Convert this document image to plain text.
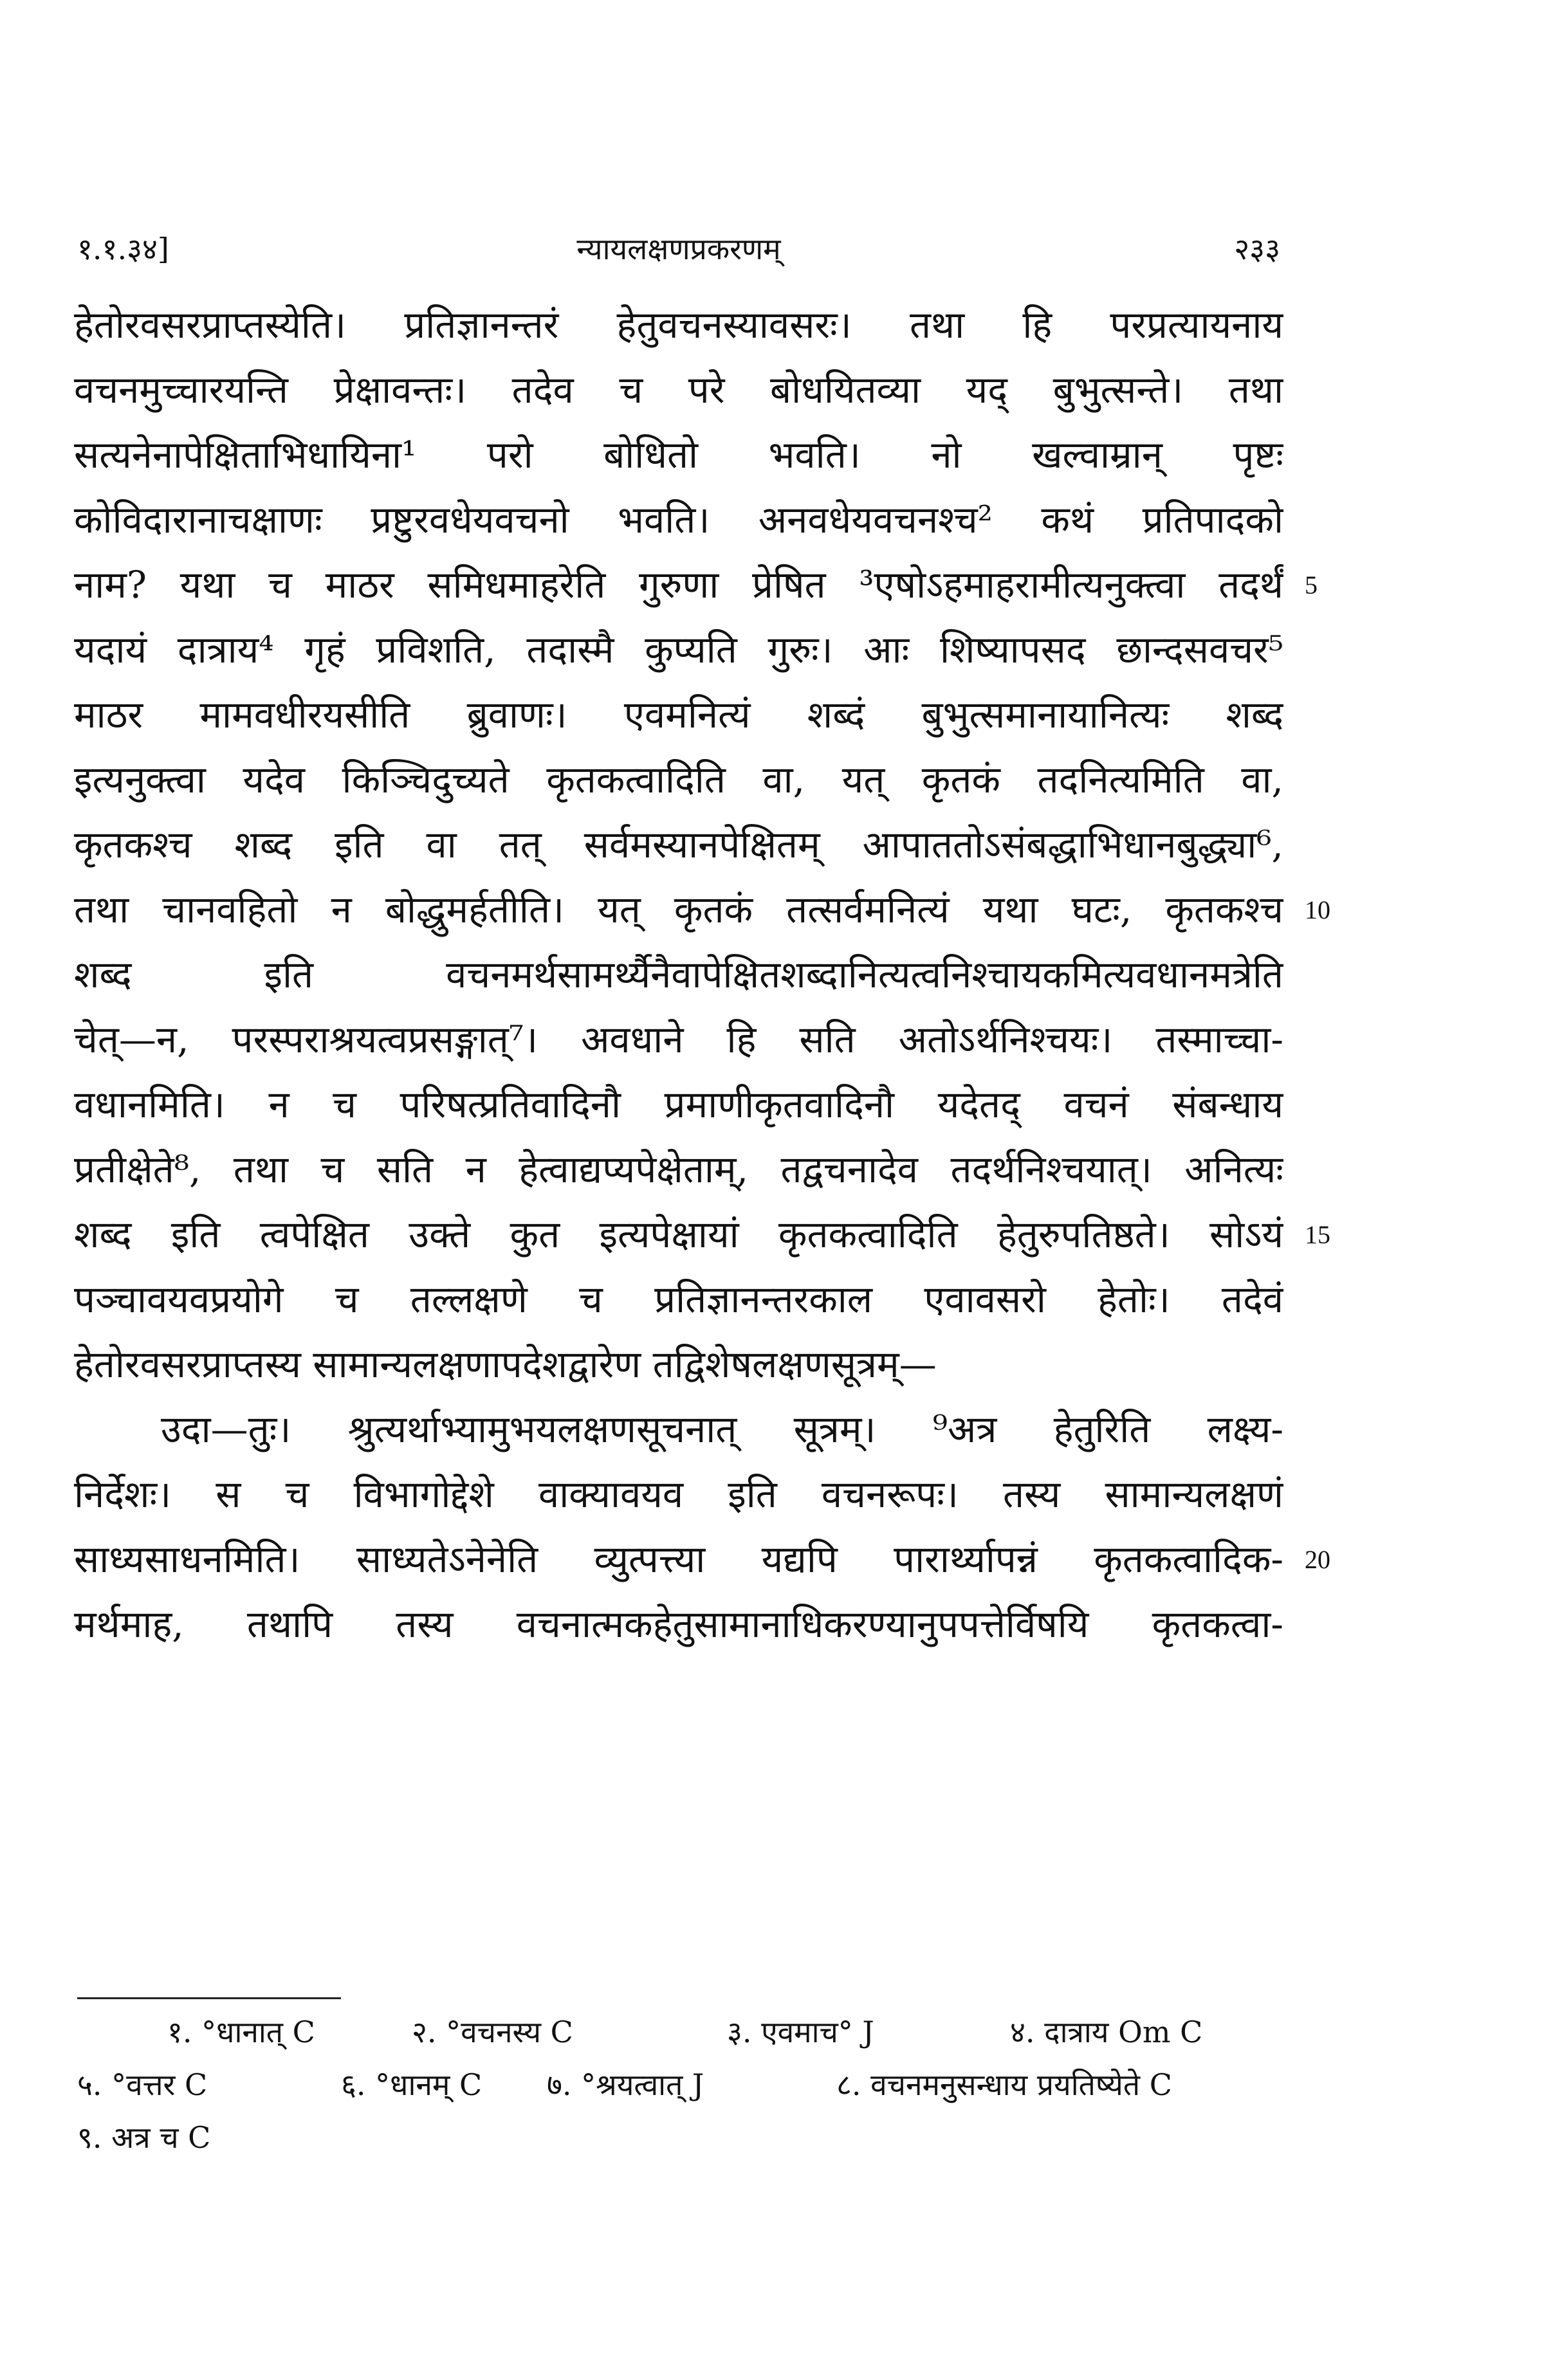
१.१.३४]	न्यायलक्षणप्रकरणम्	२३३
हेतोरवसरप्राप्तस्येति। प्रतिज्ञानन्तरं हेतुवचनस्यावसरः। तथा हि परप्रत्यायनाय
वचनमुच्चारयन्ति प्रेक्षावन्तः। तदेव च परे बोधयितव्या यद् बुभुत्सन्ते। तथा
सत्यनेनापेक्षिताभिधायिना¹ परो बोधितो भवति। नो खल्वाम्रान् पृष्टः
कोविदारानाचक्षाणः प्रष्टुरवधेयवचनो भवति। अनवधेयवचनश्च² कथं प्रतिपादको
नाम? यथा च माठर समिधमाहरेति गुरुणा प्रेषित ³एषोऽहमाहरामीत्यनुक्त्वा तदर्थं 5
यदायं दात्राय⁴ गृहं प्रविशति, तदास्मै कुप्यति गुरुः। आः शिष्यापसद छान्दसवचर⁵
माठर मामवधीरयसीति ब्रुवाणः। एवमनित्यं शब्दं बुभुत्समानायानित्यः शब्द
इत्यनुक्त्वा यदेव किञ्चिदुच्यते कृतकत्वादिति वा, यत् कृतकं तदनित्यमिति वा,
कृतकश्च शब्द इति वा तत् सर्वमस्यानपेक्षितम् आपाततोऽसंबद्धाभिधानबुद्ध्या⁶,
तथा चानवहितो न बोद्धुमर्हतीति। यत् कृतकं तत्सर्वमनित्यं यथा घटः, कृतकश्च 10
शब्द इति वचनमर्थसामर्थ्यैनैवापेक्षितशब्दानित्यत्वनिश्चायकमित्यवधानमत्रेति
चेत्—न, परस्पराश्रयत्वप्रसङ्गात्⁷। अवधाने हि सति अतोऽर्थनिश्चयः। तस्माच्चा-
वधानमिति। न च परिषत्प्रतिवादिनौ प्रमाणीकृतवादिनौ यदेतद् वचनं संबन्धाय
प्रतीक्षेते⁸, तथा च सति न हेत्वाद्यप्यपेक्षेताम्, तद्वचनादेव तदर्थनिश्चयात्। अनित्यः
शब्द इति त्वपेक्षित उक्ते कुत इत्यपेक्षायां कृतकत्वादिति हेतुरुपतिष्ठते। सोऽयं 15
पञ्चावयवप्रयोगे च तल्लक्षणे च प्रतिज्ञानन्तरकाल एवावसरो हेतोः। तदेवं
हेतोरवसरप्राप्तस्य सामान्यलक्षणापदेशद्वारेण तद्विशेषलक्षणसूत्रम्—
उदा—तुः। श्रुत्यर्थाभ्यामुभयलक्षणसूचनात् सूत्रम्। ⁹अत्र हेतुरिति लक्ष्य-
निर्देशः। स च विभागोद्देशे वाक्यावयव इति वचनरूपः। तस्य सामान्यलक्षणं
साध्यसाधनमिति। साध्यतेऽनेनेति व्युत्पत्त्या यद्यपि पारार्थ्यापन्नं कृतकत्वादिक- 20
मर्थमाह, तथापि तस्य वचनात्मकहेतुसामानाधिकरण्यानुपपत्तेर्विषयि कृतकत्वा-
१. °धानात् C	२. °वचनस्य C	३. एवमाच° J	४. दात्राय Om C
५. °वत्तर C	६. °धानम् C ७. °श्रयत्वात् J	८. वचनमनुसन्धाय प्रयतिष्येते C
९. अत्र च C
